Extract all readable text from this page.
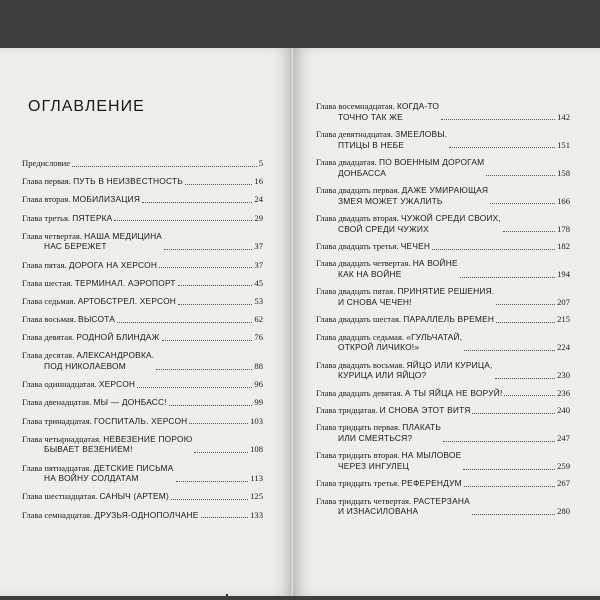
ОГЛАВЛЕНИЕ
Предисловие	5
Глава первая. ПУТЬ В НЕИЗВЕСТНОСТЬ	16
Глава вторая. МОБИЛИЗАЦИЯ	24
Глава третья. ПЯТЕРКА	29
Глава четвертая. НАША МЕДИЦИНА
НАС БЕРЕЖЕТ	37
Глава пятая. ДОРОГА НА ХЕРСОН	37
Глава шестая. ТЕРМИНАЛ. АЭРОПОРТ	45
Глава седьмая. АРТОБСТРЕЛ. ХЕРСОН	53
Глава восьмая. ВЫСОТА	62
Глава девятая. РОДНОЙ БЛИНДАЖ	76
Глава десятая. АЛЕКСАНДРОВКА.
ПОД НИКОЛАЕВОМ	88
Глава одиннадцатая. ХЕРСОН	96
Глава двенадцатая. МЫ — ДОНБАСС!	99
Глава тринадцатая. ГОСПИТАЛЬ. ХЕРСОН	103
Глава четырнадцатая. НЕВЕЗЕНИЕ ПОРОЮ
БЫВАЕТ ВЕЗЕНИЕМ!	108
Глава пятнадцатая. ДЕТСКИЕ ПИСЬМА
НА ВОЙНУ СОЛДАТАМ	113
Глава шестнадцатая. САНЫЧ (АРТЕМ)	125
Глава семнадцатая. ДРУЗЬЯ-ОДНОПОЛЧАНЕ	133
Глава восемнадцатая. КОГДА-ТО
ТОЧНО ТАК ЖЕ	142
Глава девятнадцатая. ЗМЕЕЛОВЫ.
ПТИЦЫ В НЕБЕ	151
Глава двадцатая. ПО ВОЕННЫМ ДОРОГАМ
ДОНБАССА	158
Глава двадцать первая. ДАЖЕ УМИРАЮЩАЯ
ЗМЕЯ МОЖЕТ УЖАЛИТЬ	166
Глава двадцать вторая. ЧУЖОЙ СРЕДИ СВОИХ,
СВОЙ СРЕДИ ЧУЖИХ	178
Глава двадцать третья. ЧЕЧЕН	182
Глава двадцать четвертая. НА ВОЙНЕ
КАК НА ВОЙНЕ	194
Глава двадцать пятая. ПРИНЯТИЕ РЕШЕНИЯ.
И СНОВА ЧЕЧЕН!	207
Глава двадцать шестая. ПАРАЛЛЕЛЬ ВРЕМЕН	215
Глава двадцать седьмая. «ГУЛЬЧАТАЙ,
ОТКРОЙ ЛИЧИКО!»	224
Глава двадцать восьмая. ЯЙЦО ИЛИ КУРИЦА,
КУРИЦА ИЛИ ЯЙЦО?	230
Глава двадцать девятая. А ТЫ ЯЙЦА НЕ ВОРУЙ!	236
Глава тридцатая. И СНОВА ЭТОТ ВИТЯ	240
Глава тридцать первая. ПЛАКАТЬ
ИЛИ СМЕЯТЬСЯ?	247
Глава тридцать вторая. НА МЫЛОВОЕ
ЧЕРЕЗ ИНГУЛЕЦ	259
Глава тридцать третья. РЕФЕРЕНДУМ	267
Глава тридцать четвертая. РАСТЕРЗАНА
И ИЗНАСИЛОВАНА	280
